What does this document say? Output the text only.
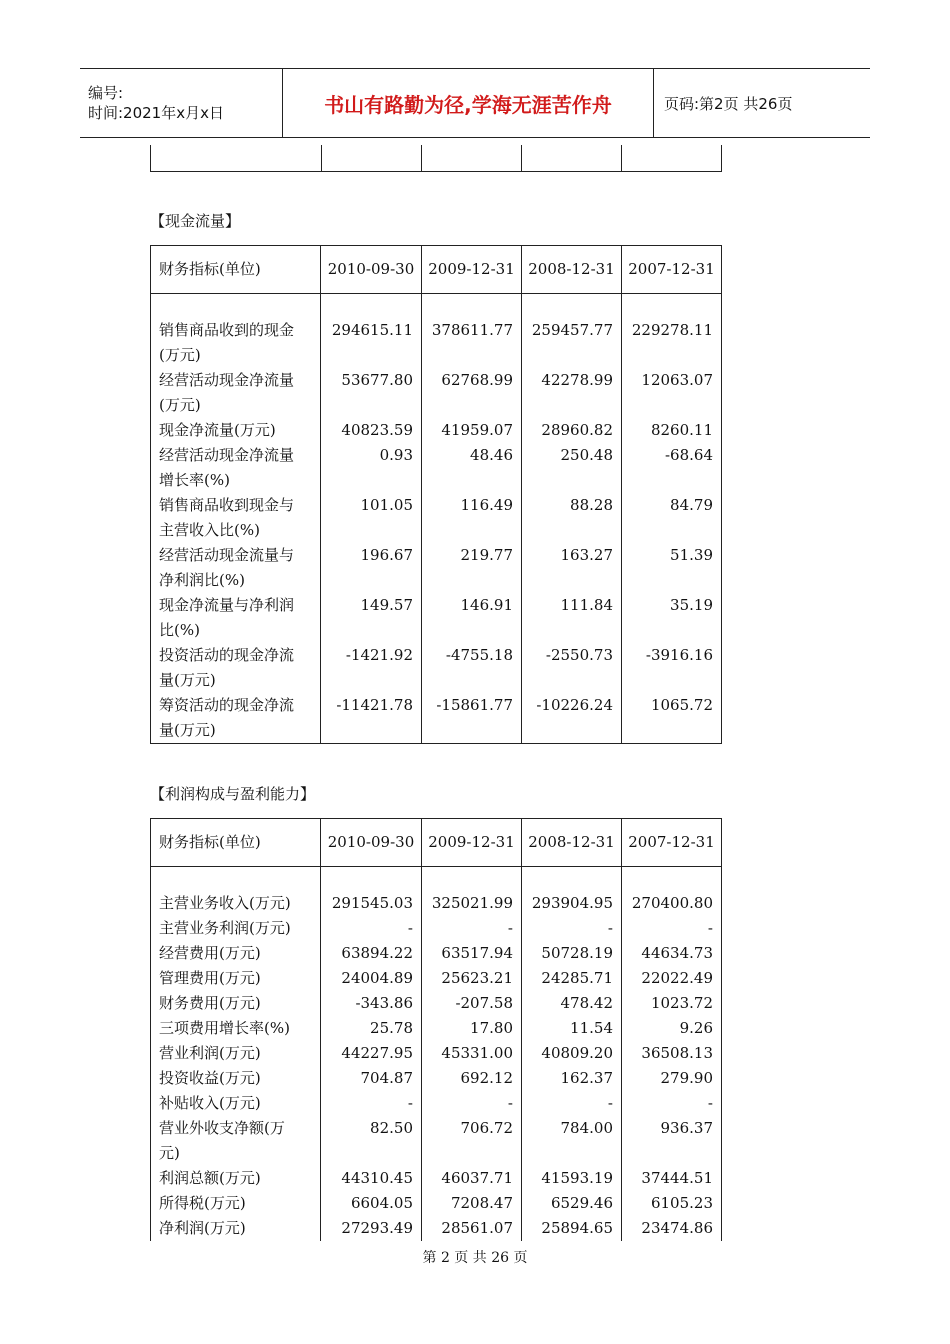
编号:
时间:2021年x月x日	书山有路勤为径,学海无涯苦作舟	页码:第2页 共26页
【现金流量】
财务指标(单位)	2010-09-30	2009-12-31	2008-12-31	2007-12-31

销售商品收到的现金	294615.11	378611.77	259457.77	229278.11
(万元)				
经营活动现金净流量	53677.80	62768.99	42278.99	12063.07
(万元)				
现金净流量(万元)	40823.59	41959.07	28960.82	8260.11
经营活动现金净流量	0.93	48.46	250.48	-68.64
增长率(%)				
销售商品收到现金与	101.05	116.49	88.28	84.79
主营收入比(%)				
经营活动现金流量与	196.67	219.77	163.27	51.39
净利润比(%)				
现金净流量与净利润	149.57	146.91	111.84	35.19
比(%)				
投资活动的现金净流	-1421.92	-4755.18	-2550.73	-3916.16
量(万元)				
筹资活动的现金净流	-11421.78	-15861.77	-10226.24	1065.72
量(万元)				

【利润构成与盈利能力】
财务指标(单位)	2010-09-30	2009-12-31	2008-12-31	2007-12-31

主营业务收入(万元)	291545.03	325021.99	293904.95	270400.80
主营业务利润(万元)	-	-	-	-
经营费用(万元)	63894.22	63517.94	50728.19	44634.73
管理费用(万元)	24004.89	25623.21	24285.71	22022.49
财务费用(万元)	-343.86	-207.58	478.42	1023.72
三项费用增长率(%)	25.78	17.80	11.54	9.26
营业利润(万元)	44227.95	45331.00	40809.20	36508.13
投资收益(万元)	704.87	692.12	162.37	279.90
补贴收入(万元)	-	-	-	-
营业外收支净额(万	82.50	706.72	784.00	936.37
元)				
利润总额(万元)	44310.45	46037.71	41593.19	37444.51
所得税(万元)	6604.05	7208.47	6529.46	6105.23
净利润(万元)	27293.49	28561.07	25894.65	23474.86
第 2 页 共 26 页
